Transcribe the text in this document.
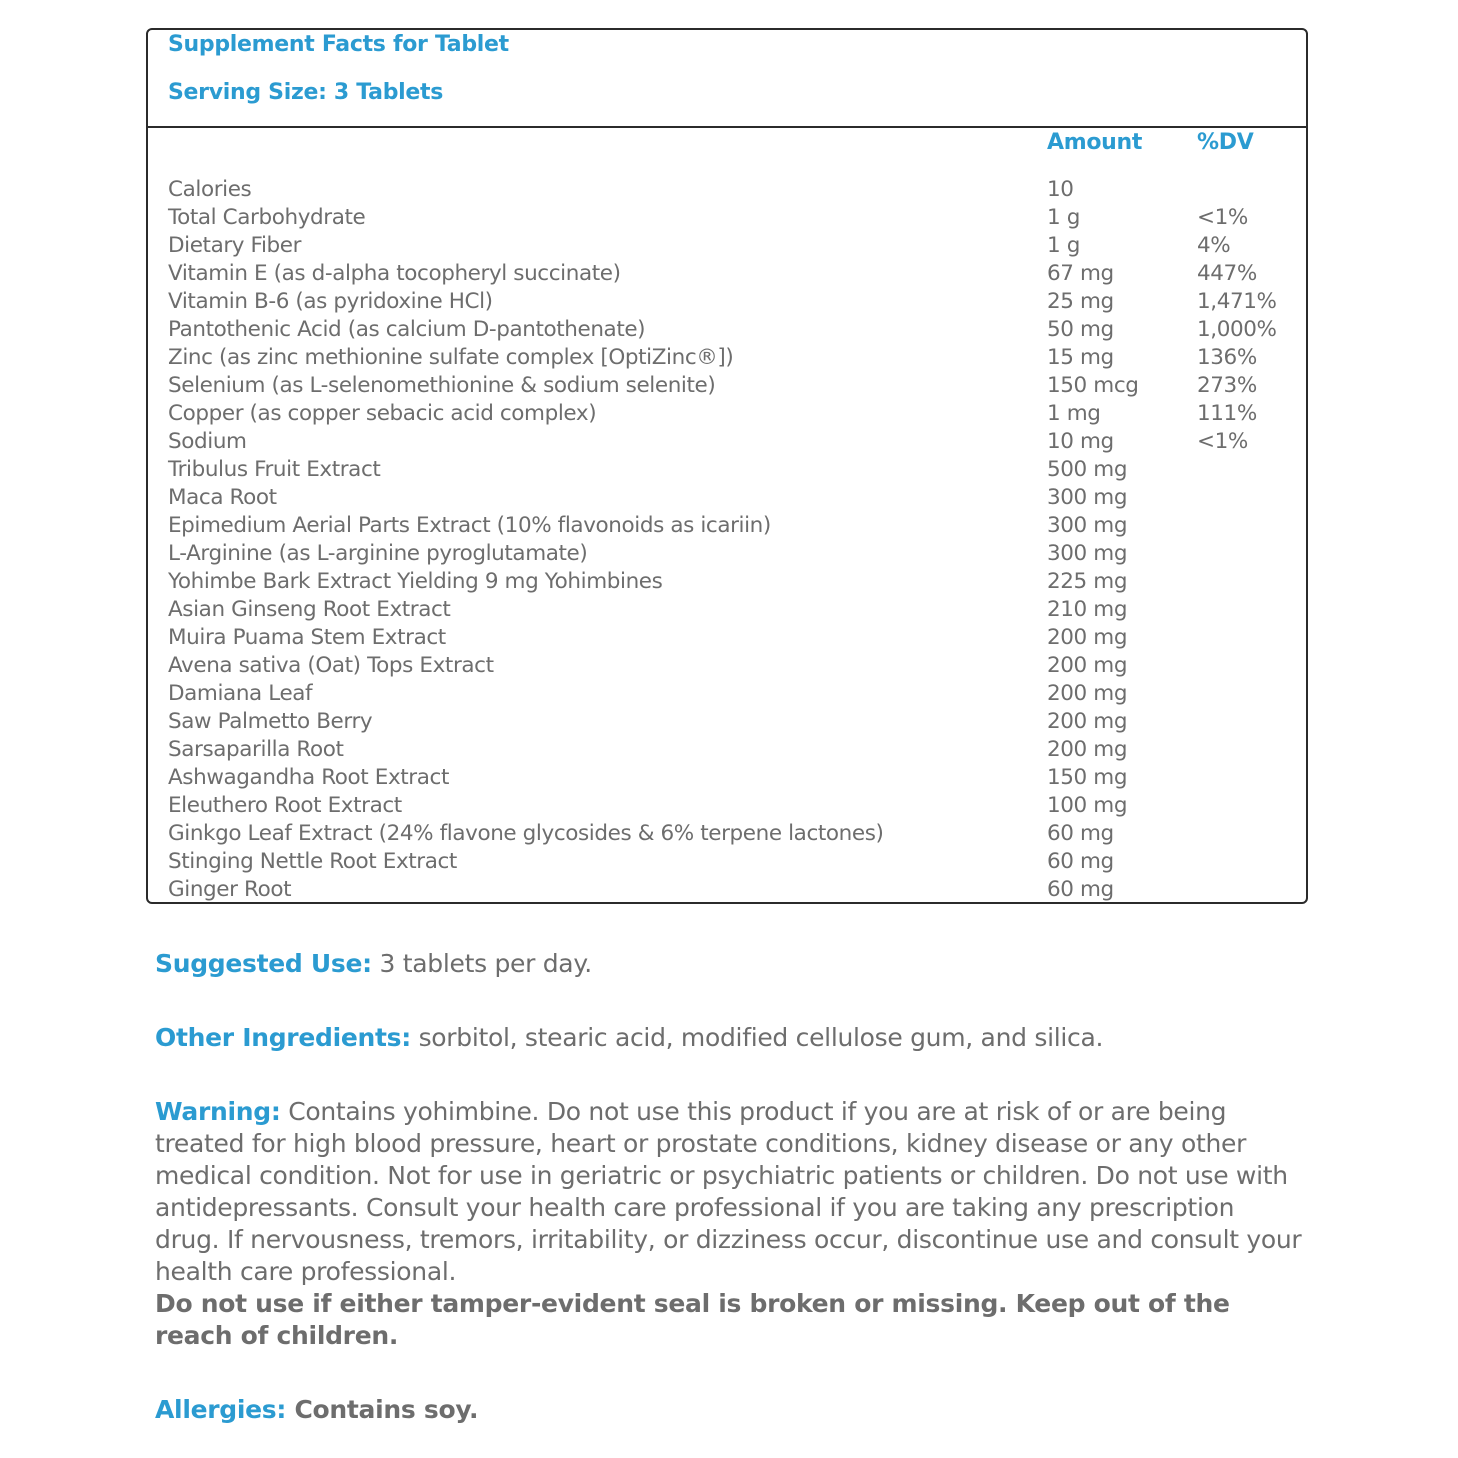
Supplement Facts for Tablet
Serving Size: 3 Tablets
Amount %DV
Calories	10
Total Carbohydrate	1 g	<1%
Dietary Fiber	1 g	4%
Vitamin E (as d-alpha tocopheryl succinate)	67 mg	447%
Vitamin B-6 (as pyridoxine HCl)	25 mg	1,471%
Pantothenic Acid (as calcium D-pantothenate)	50 mg	1,000%
Zinc (as zinc methionine sulfate complex [OptiZinc®])	15 mg	136%
Selenium (as L-selenomethionine & sodium selenite)	150 mcg	273%
Copper (as copper sebacic acid complex)	1 mg	111%
Sodium	10 mg	<1%
Tribulus Fruit Extract	500 mg
Maca Root	300 mg
Epimedium Aerial Parts Extract (10% flavonoids as icariin)	300 mg
L-Arginine (as L-arginine pyroglutamate)	300 mg
Yohimbe Bark Extract Yielding 9 mg Yohimbines	225 mg
Asian Ginseng Root Extract	210 mg
Muira Puama Stem Extract	200 mg
Avena sativa (Oat) Tops Extract	200 mg
Damiana Leaf	200 mg
Saw Palmetto Berry	200 mg
Sarsaparilla Root	200 mg
Ashwagandha Root Extract	150 mg
Eleuthero Root Extract	100 mg
Ginkgo Leaf Extract (24% flavone glycosides & 6% terpene lactones)	60 mg
Stinging Nettle Root Extract	60 mg
Ginger Root	60 mg
Suggested Use: 3 tablets per day.
Other Ingredients: sorbitol, stearic acid, modified cellulose gum, and silica.
Warning: Contains yohimbine. Do not use this product if you are at risk of or are being treated for high blood pressure, heart or prostate conditions, kidney disease or any other medical condition. Not for use in geriatric or psychiatric patients or children. Do not use with antidepressants. Consult your health care professional if you are taking any prescription drug. If nervousness, tremors, irritability, or dizziness occur, discontinue use and consult your health care professional.
Do not use if either tamper-evident seal is broken or missing. Keep out of the reach of children.
Allergies: Contains soy.
